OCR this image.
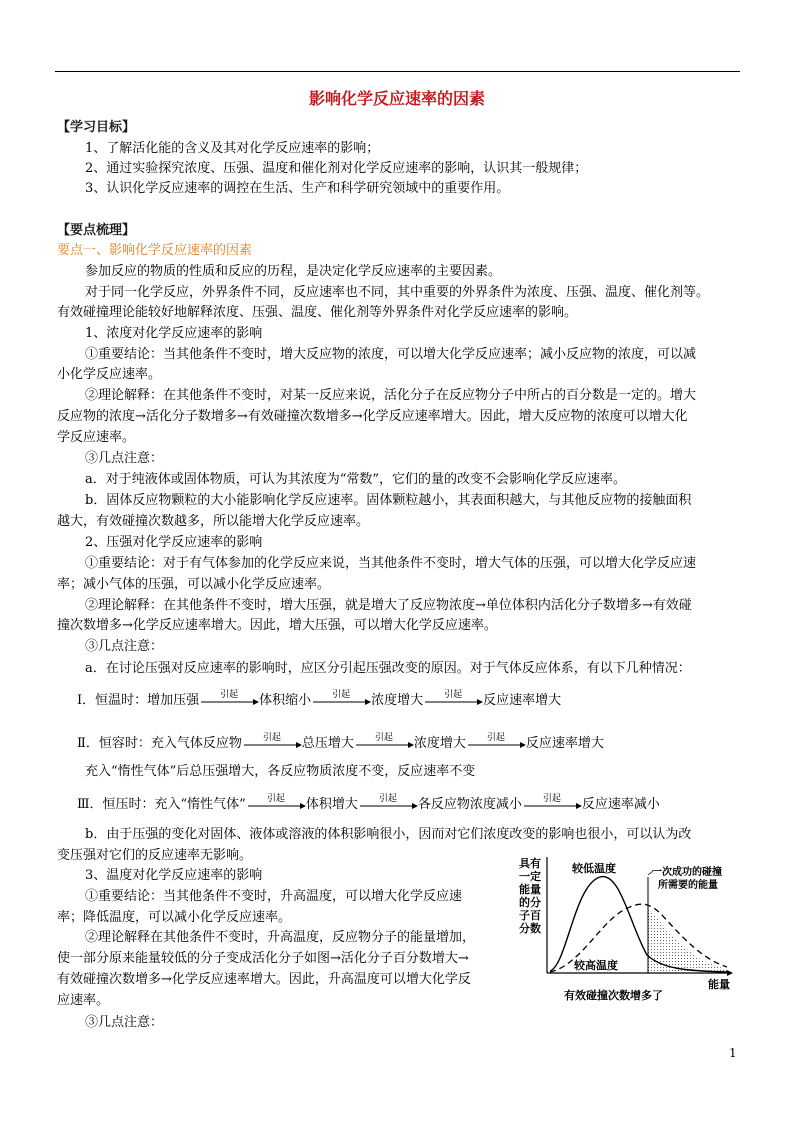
影响化学反应速率的因素
【学习目标】
1、了解活化能的含义及其对化学反应速率的影响；
2、通过实验探究浓度、压强、温度和催化剂对化学反应速率的影响，认识其一般规律；
3、认识化学反应速率的调控在生活、生产和科学研究领域中的重要作用。
【要点梳理】
要点一、影响化学反应速率的因素
参加反应的物质的性质和反应的历程，是决定化学反应速率的主要因素。
对于同一化学反应，外界条件不同，反应速率也不同，其中重要的外界条件为浓度、压强、温度、催化剂等。
有效碰撞理论能较好地解释浓度、压强、温度、催化剂等外界条件对化学反应速率的影响。
1、浓度对化学反应速率的影响
①重要结论：当其他条件不变时，增大反应物的浓度，可以增大化学反应速率；减小反应物的浓度，可以减
小化学反应速率。
②理论解释：在其他条件不变时，对某一反应来说，活化分子在反应物分子中所占的百分数是一定的。增大
反应物的浓度→活化分子数增多→有效碰撞次数增多→化学反应速率增大。因此，增大反应物的浓度可以增大化
学反应速率。
③几点注意：
a．对于纯液体或固体物质，可认为其浓度为“常数”，它们的量的改变不会影响化学反应速率。
b．固体反应物颗粒的大小能影响化学反应速率。固体颗粒越小，其表面积越大，与其他反应物的接触面积
越大，有效碰撞次数越多，所以能增大化学反应速率。
2、压强对化学反应速率的影响
①重要结论：对于有气体参加的化学反应来说，当其他条件不变时，增大气体的压强，可以增大化学反应速
率；减小气体的压强，可以减小化学反应速率。
②理论解释：在其他条件不变时，增大压强，就是增大了反应物浓度→单位体积内活化分子数增多→有效碰
撞次数增多→化学反应速率增大。因此，增大压强，可以增大化学反应速率。
③几点注意：
a．在讨论压强对反应速率的影响时，应区分引起压强改变的原因。对于气体反应体系，有以下几种情况：
Ⅰ．恒温时：增加压强	引起	体积缩小	引起	浓度增大	引起	反应速率增大
Ⅱ．恒容时：充入气体反应物	引起	总压增大	引起	浓度增大	引起	反应速率增大
充入“惰性气体”后总压强增大，各反应物质浓度不变，反应速率不变
Ⅲ．恒压时：充入“惰性气体”	引起	体积增大	引起	各反应物浓度减小	引起	反应速率减小
b．由于压强的变化对固体、液体或溶液的体积影响很小，因而对它们浓度改变的影响也很小，可以认为改
变压强对它们的反应速率无影响。
3、温度对化学反应速率的影响
①重要结论：当其他条件不变时，升高温度，可以增大化学反应速
率；降低温度，可以减小化学反应速率。
②理论解释在其他条件不变时，升高温度，反应物分子的能量增加，
使一部分原来能量较低的分子变成活化分子如图→活化分子百分数增大→
有效碰撞次数增多→化学反应速率增大。因此，升高温度可以增大化学反
应速率。
③几点注意：
具有
一定
能量
的分
子百
分数
较低温度
较高温度
一次成功的碰撞
所需要的能量
能量
有效碰撞次数增多了
1
